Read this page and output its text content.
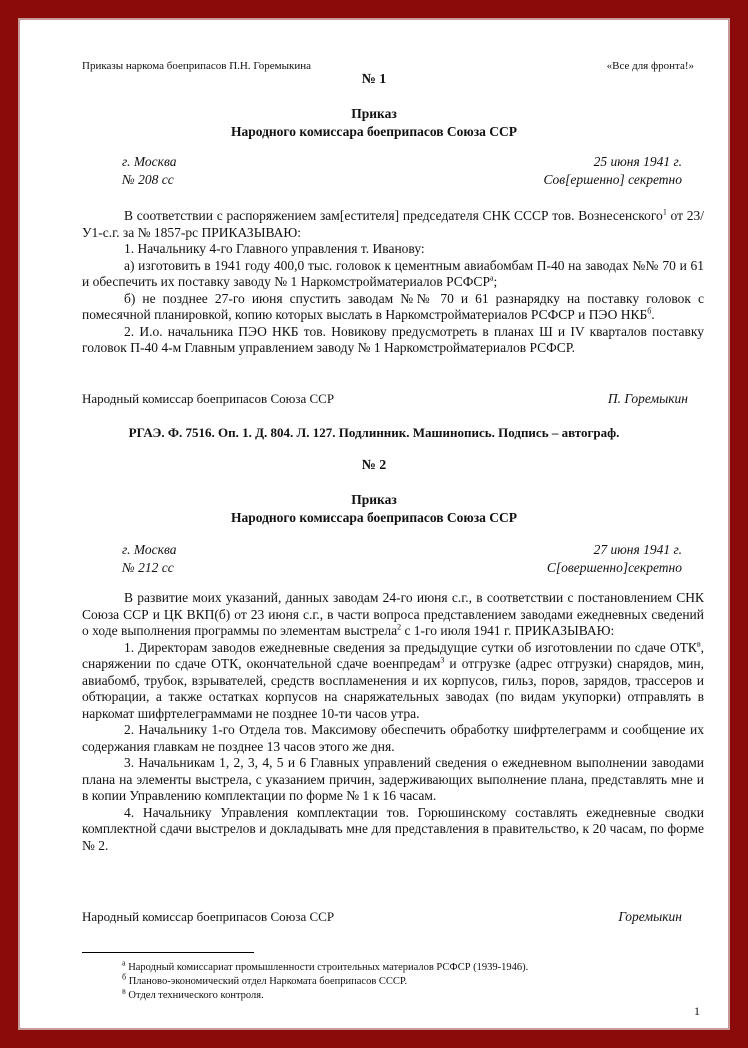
Приказы наркома боеприпасов П.Н. Горемыкина	«Все для фронта!»
№ 1
Приказ
Народного комиссара боеприпасов Союза ССР
г. Москва	25 июня 1941 г.
№ 208 сс	Сов[ершенно] секретно

В соответствии с распоряжением зам[естителя] председателя СНК СССР тов. Вознесенского$^1$ от 23/У1-с.г. за № 1857-рс ПРИКАЗЫВАЮ:

1. Начальнику 4-го Главного управления т. Иванову:

а) изготовить в 1941 году 400,0 тыс. головок к цементным авиабомбам П-40 на заводах №№ 70 и 61 и обеспечить их поставку заводу № 1 Наркомстройматериалов $РСФСР^а$;

б) не позднее 27-го июня спустить заводам №№ 70 и 61 разнарядку на поставку головок с помесячной планировкой, копию которых выслать в Наркомстройматериалов РСФСР и ПЭО $НКБ^б$.

2. И.о. начальника ПЭО НКБ тов. Новикову предусмотреть в планах Ш и IV кварталов поставку головок П-40 4-м Главным управлением заводу № 1 Наркомстройматериалов РСФСР.

Народный комиссар боеприпасов Союза ССР	П. Горемыкин
РГАЭ. Ф. 7516. Оп. 1. Д. 804. Л. 127. Подлинник. Машинопись. Подпись – автограф.
№ 2
Приказ
Народного комиссара боеприпасов Союза ССР
г. Москва	27 июня 1941 г.
№ 212 сс	С[овершенно]секретно

В развитие моих указаний, данных заводам 24-го июня с.г., в соответствии с постановлением СНК Союза ССР и ЦК ВКП(б) от 23 июня с.г., в части вопроса представлением заводами ежедневных сведений о ходе выполнения программы по элементам выстрела$^2$ с 1-го июля 1941 г. ПРИКАЗЫВАЮ:

1. Директорам заводов ежедневные сведения за предыдущие сутки об изготовлении по сдаче $ОТК^в$, снаряжении по сдаче ОТК, окончательной сдаче военпредам$^3$ и отгрузке (адрес отгрузки) снарядов, мин, авиабомб, трубок, взрывателей, средств воспламенения и их корпусов, гильз, поров, зарядов, трассеров и обтюрации, а также остатках корпусов на снаряжательных заводах (по видам укупорки) отправлять в наркомат шифртелеграммами не позднее 10-ти часов утра.

2. Начальнику 1-го Отдела тов. Максимову обеспечить обработку шифртелеграмм и сообщение их содержания главкам не позднее 13 часов этого же дня.

3. Начальникам 1, 2, 3, 4, 5 и 6 Главных управлений сведения о ежедневном выполнении заводами плана на элементы выстрела, с указанием причин, задерживающих выполнение плана, представлять мне и в копии Управлению комплектации по форме № 1 к 16 часам.

4. Начальнику Управления комплектации тов. Горюшинскому составлять ежедневные сводки комплектной сдачи выстрелов и докладывать мне для представления в правительство, к 20 часам, по форме № 2.

Народный комиссар боеприпасов Союза ССР	Горемыкин
$^а$ Народный комиссариат промышленности строительных материалов РСФСР (1939-1946).
$^б$ Планово-экономический отдел Наркомата боеприпасов СССР.
$^в$ Отдел технического контроля.
1
